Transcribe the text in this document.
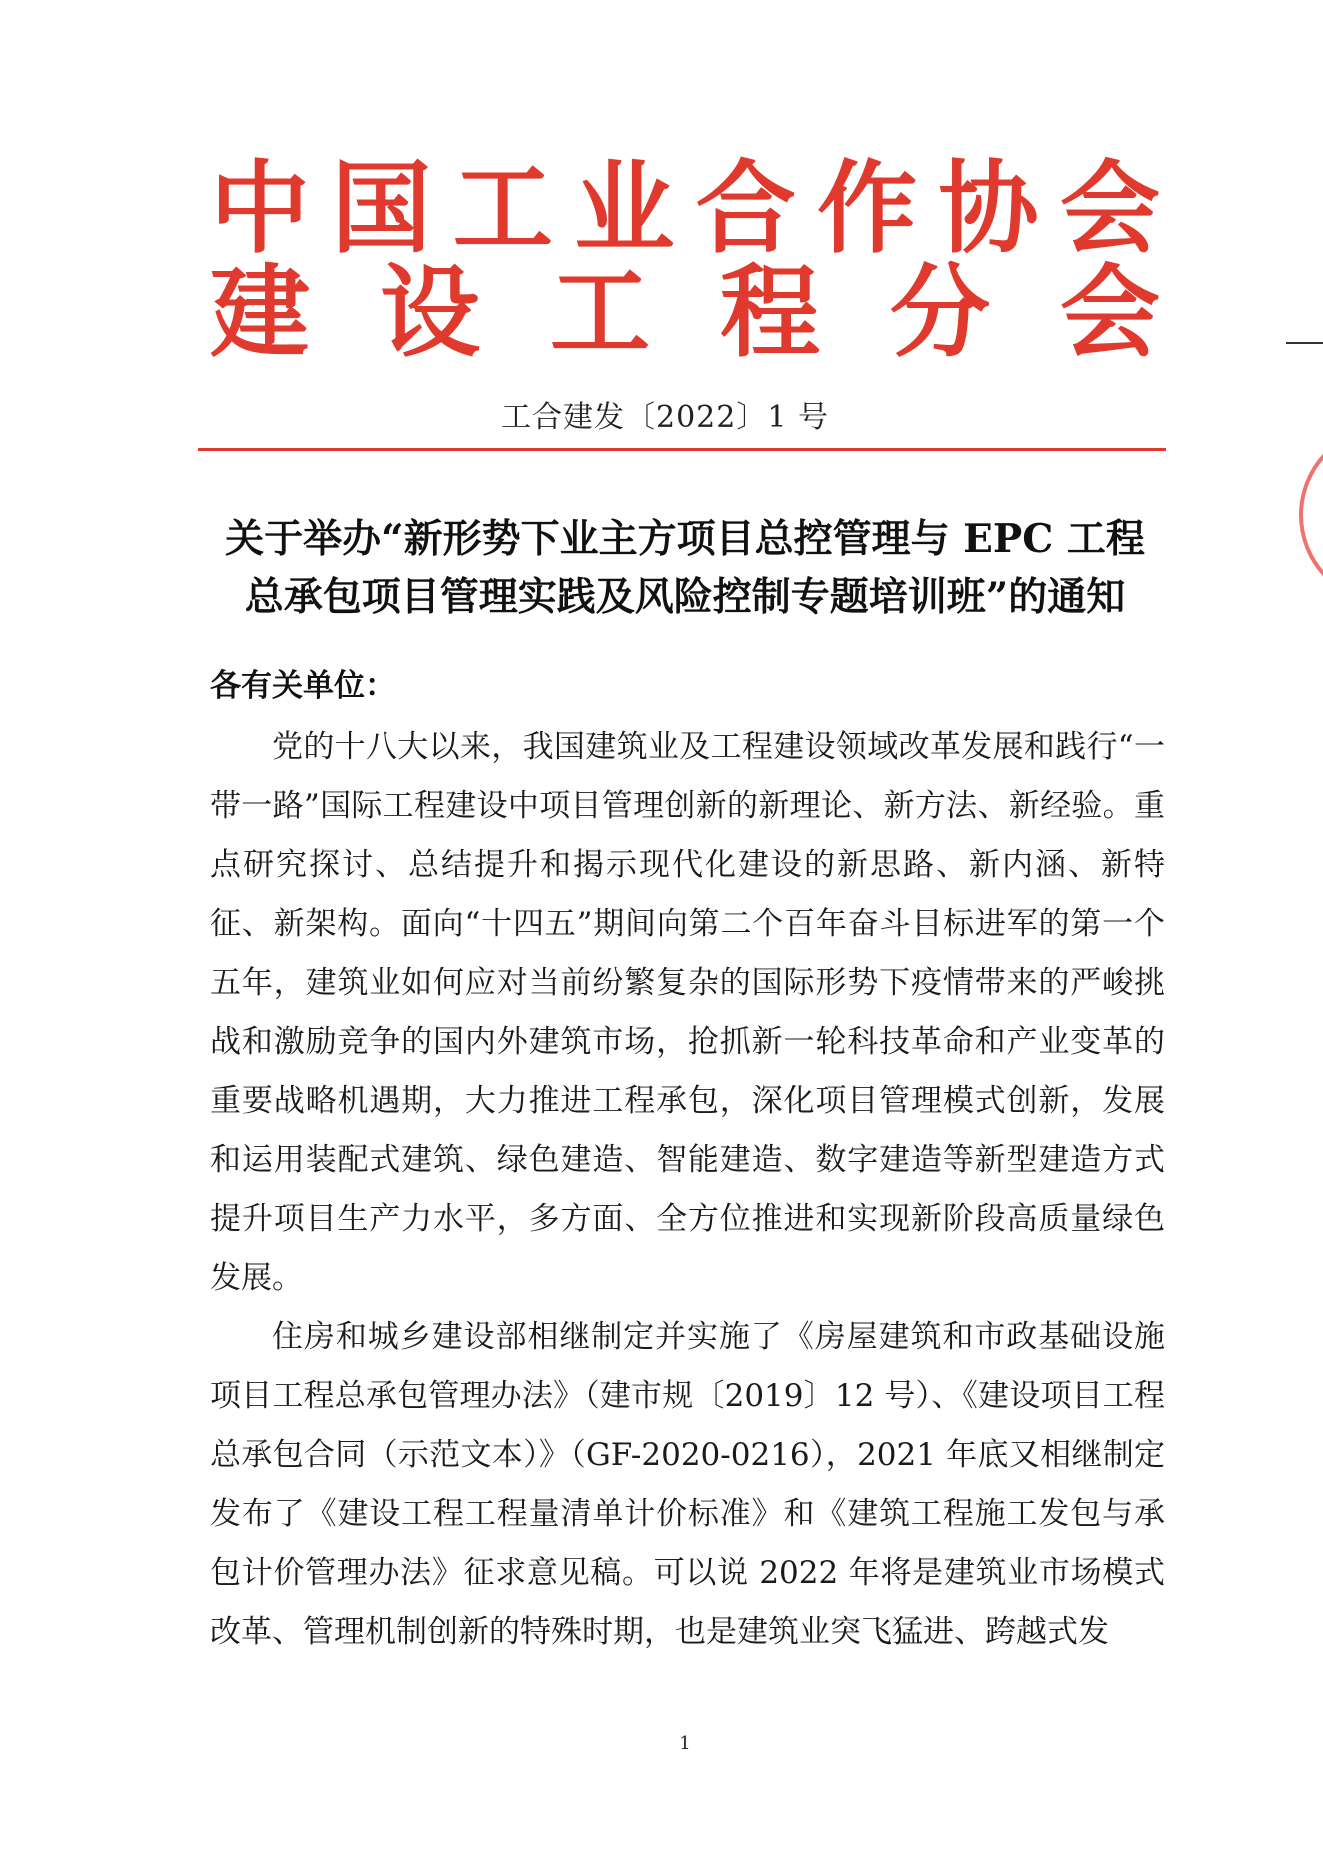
中 国 工 业 合 作 协 会
建 设 工 程 分 会
工合建发〔2022〕1 号
关于举办“新形势下业主方项目总控管理与 EPC 工程总承包项目管理实践及风险控制专题培训班”的通知
各有关单位：

党的十八大以来，我国建筑业及工程建设领域改革发展和践行“一带一路”国际工程建设中项目管理创新的新理论、新方法、新经验。重点研究探讨、总结提升和揭示现代化建设的新思路、新内涵、新特征、新架构。面向“十四五”期间向第二个百年奋斗目标进军的第一个五年，建筑业如何应对当前纷繁复杂的国际形势下疫情带来的严峻挑战和激励竞争的国内外建筑市场，抢抓新一轮科技革命和产业变革的重要战略机遇期，大力推进工程承包，深化项目管理模式创新，发展和运用装配式建筑、绿色建造、智能建造、数字建造等新型建造方式提升项目生产力水平，多方面、全方位推进和实现新阶段高质量绿色发展。

住房和城乡建设部相继制定并实施了《房屋建筑和市政基础设施项目工程总承包管理办法》（建市规〔2019〕12 号）、《建设项目工程总承包合同（示范文本）》（GF-2020-0216），2021 年底又相继制定发布了《建设工程工程量清单计价标准》和《建筑工程施工发包与承包计价管理办法》征求意见稿。可以说 2022 年将是建筑业市场模式改革、管理机制创新的特殊时期，也是建筑业突飞猛进、跨越式发

1
